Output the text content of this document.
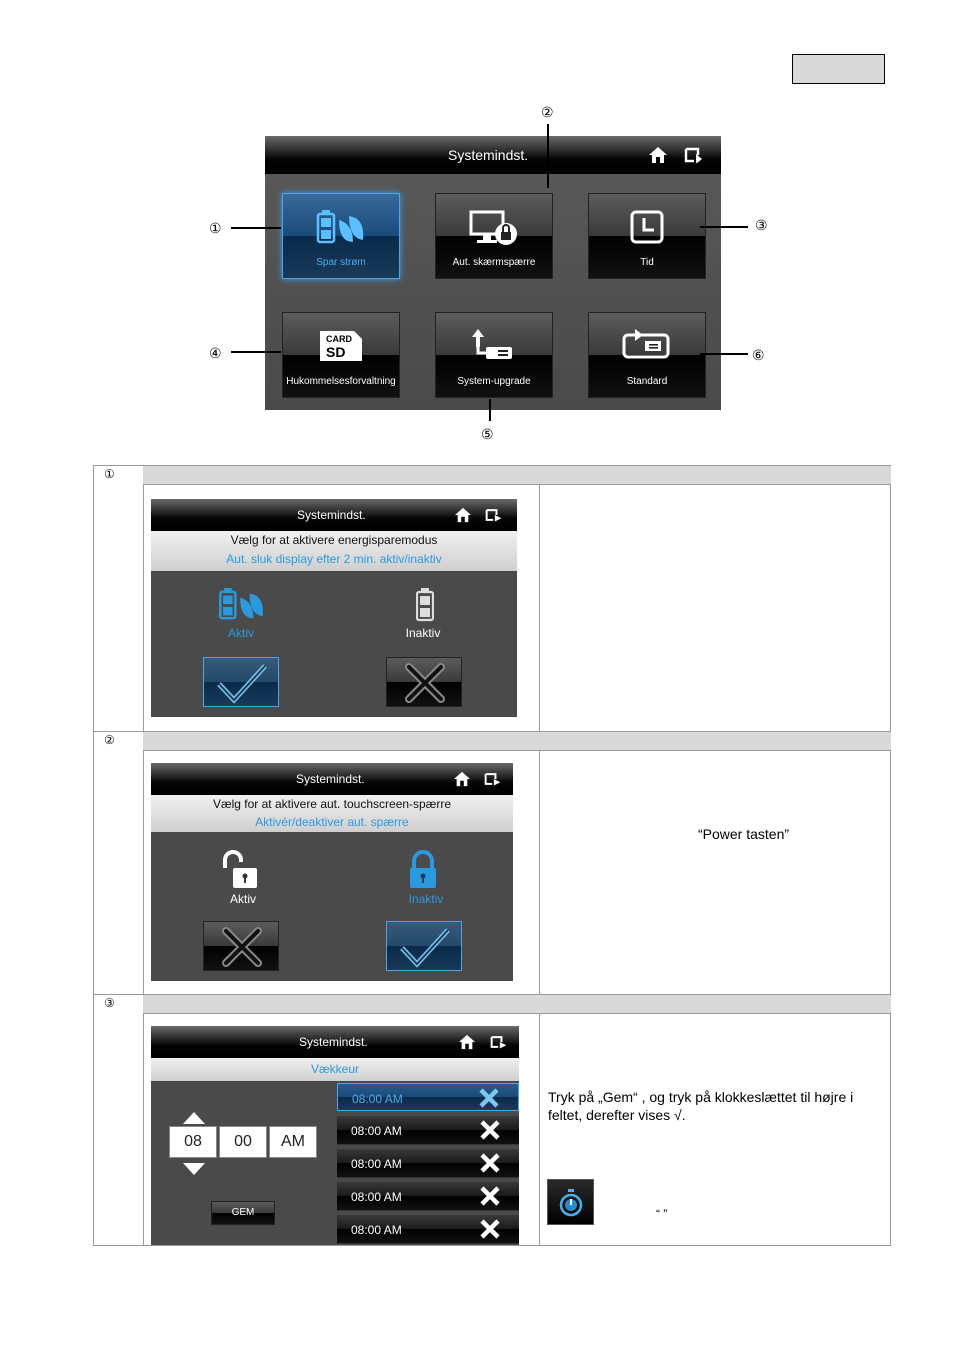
Systemindst.
Spar strøm	Aut. skærmspærre	Tid
CARD
SD
Hukommelsesforvaltning	System-upgrade	Standard
①
②
③
④
⑤
⑥
①
②
③
Systemindst.
Vælg for at aktivere energisparemodus
Aut. sluk display efter 2 min. aktiv/inaktiv
Aktiv	Inaktiv
Systemindst.
Vælg for at aktivere aut. touchscreen-spærre
Aktivér/deaktiver aut. spærre
Aktiv	Inaktiv
“Power tasten”
Systemindst.
Vækkeur
08	00	AM
GEM
08:00 AM
08:00 AM
08:00 AM
08:00 AM
08:00 AM
Tryk på „Gem“ , og tryk på klokkeslættet til højre i feltet, derefter vises √.
“ ”
